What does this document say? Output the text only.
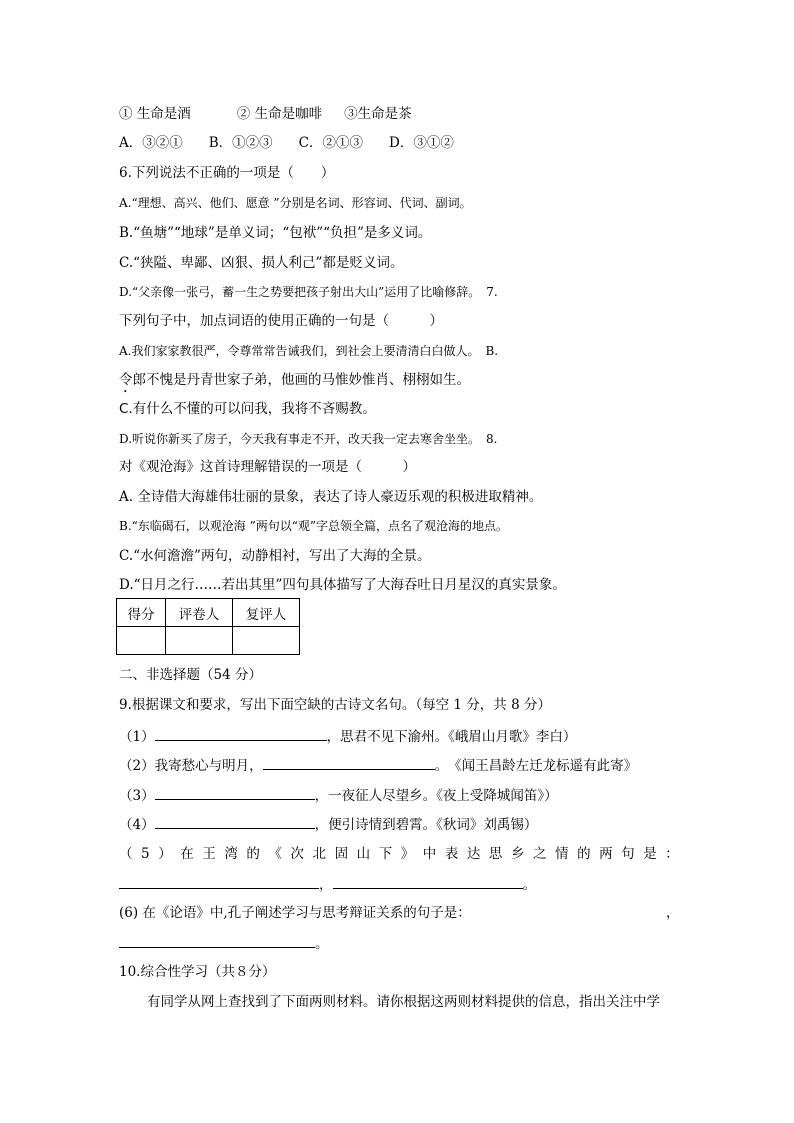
① 生命是酒	② 生命是咖啡 ③生命是茶
A．③②① B．①②③ C．②①③ D．③①②
6.下列说法不正确的一项是（　　）
A.“理想、高兴、他们、愿意 ”分别是名词、形容词、代词、副词。
B.“鱼塘”“地球”是单义词；“包袱”“负担”是多义词。
C.“狭隘、卑鄙、凶狠、损人利己”都是贬义词。
D.“父亲像一张弓，蓄一生之势要把孩子射出大山”运用了比喻修辞。　7.
下列句子中，加点词语的使用正确的一句是（　　　）
A.我们家家教很严，令尊常常告诫我们，到社会上要清清白白做人。　B.
令郎不愧是丹青世家子弟，他画的马惟妙惟肖、栩栩如生。
C.有什么不懂的可以问我，我将不吝赐教。
D.听说你新买了房子，今天我有事走不开，改天我一定去寒舍坐坐。　8.
对《观沧海》这首诗理解错误的一项是（　　　）
A. 全诗借大海雄伟壮丽的景象，表达了诗人豪迈乐观的积极进取精神。
B.“东临碣石，以观沧海 ”两句以“观”字总领全篇，点名了观沧海的地点。
C.“水何澹澹”两句，动静相衬，写出了大海的全景。
D.“日月之行……若出其里”四句具体描写了大海吞吐日月星汉的真实景象。
得分	评卷人	复评人

二、非选择题（54 分）
9.根据课文和要求，写出下面空缺的古诗文名句。（每空 1 分，共 8 分）
（1）	，思君不见下渝州。《峨眉山月歌》李白）
（2）我寄愁心与明月，	。　《闻王昌龄左迁龙标遥有此寄》
（3）	，一夜征人尽望乡。《夜上受降城闻笛》）
（4）	，便引诗情到碧霄。《秋词》刘禹锡）
（ 5 ） 在 王 湾 的 《 次 北 固 山 下 》 中 表 达 思 乡 之 情 的 两 句 是 ：
，	。
(6) 在《论语》中,孔子阐述学习与思考辩证关系的句子是：	，
。
10.综合性学习（共８分）
有同学从网上查找到了下面两则材料。请你根据这两则材料提供的信息，指出关注中学
